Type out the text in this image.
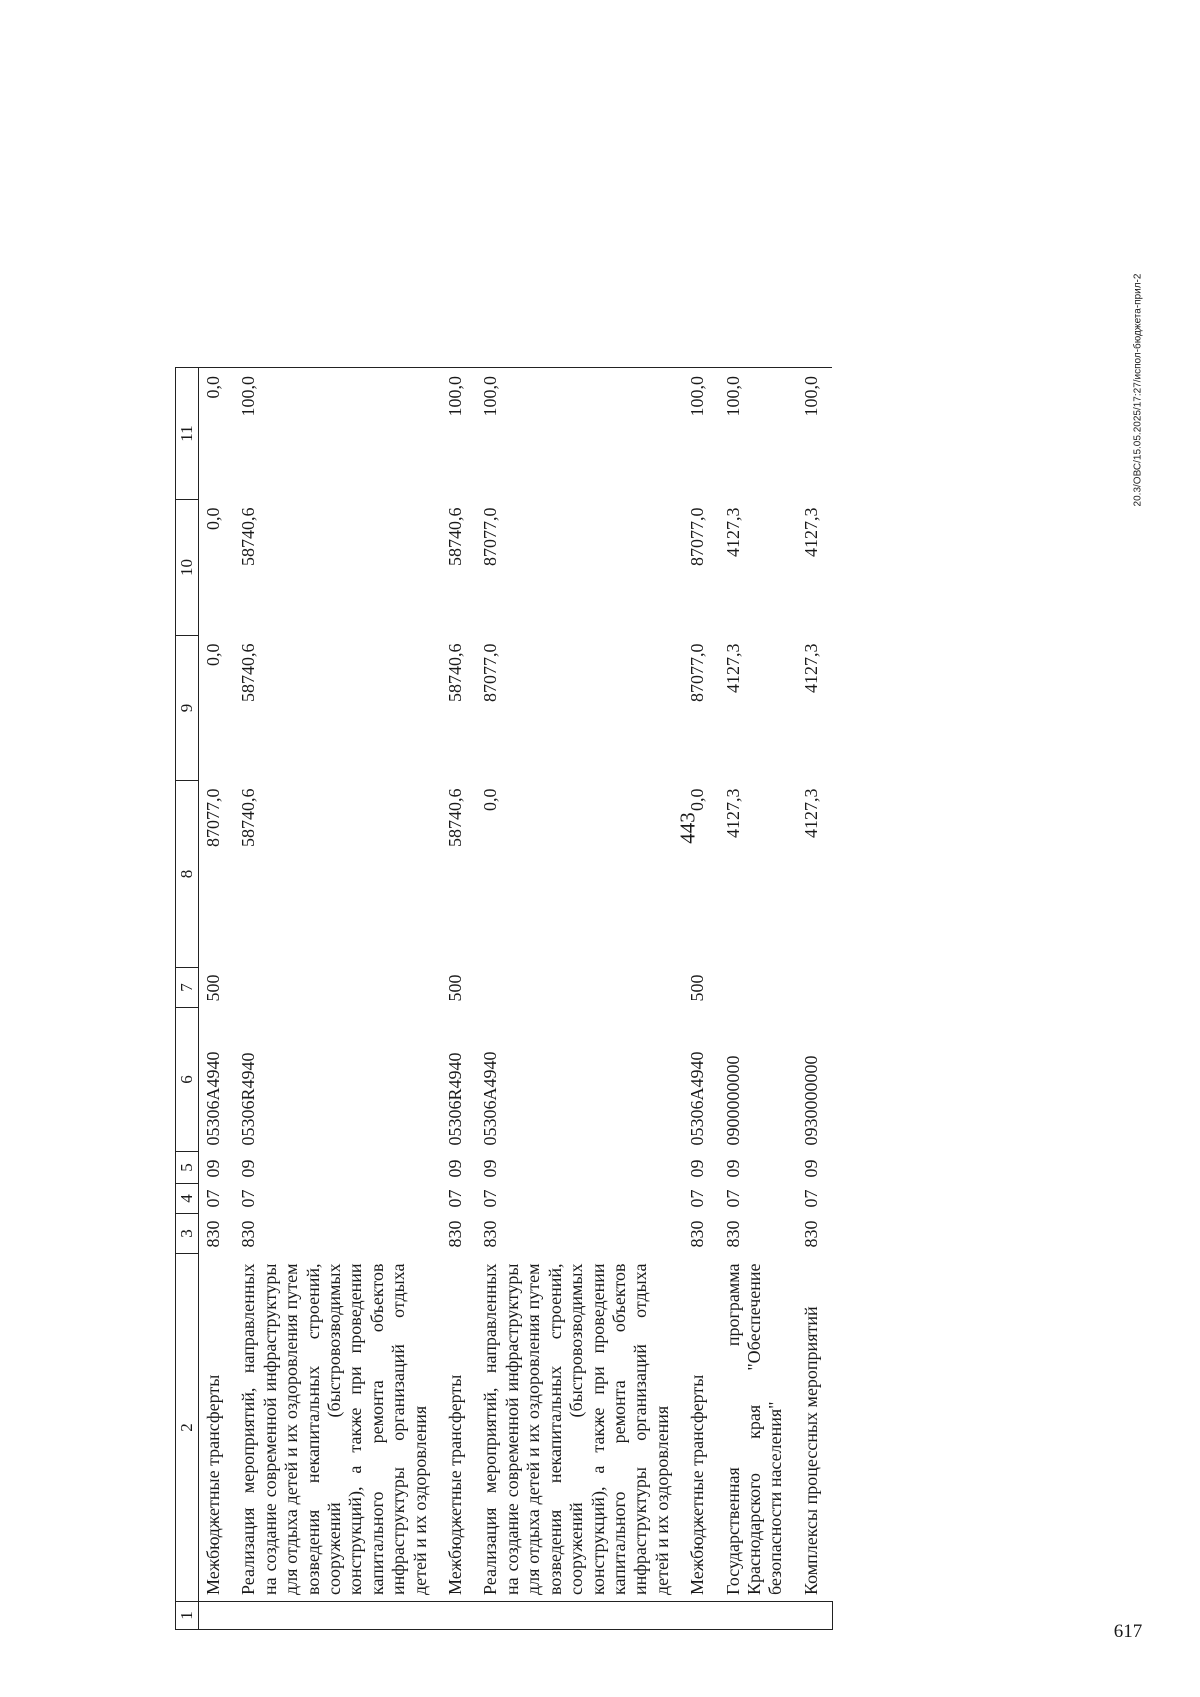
443
20.3/ОВС/15.05.2025/17:27/испол-бюджета-прил-2
617
1	2	3	4	5	6	7	8	9	10	11
	Межбюджетные трансферты	830	07	09	05306А4940	500	87077,0	0,0	0,0	0,0
	Реализация мероприятий, направленных на создание современной инфраструктуры для отдыха детей и их оздоровления путем возведения некапитальных строений, сооружений (быстровозводимых конструкций), а также при проведении капитального ремонта объектов инфраструктуры организаций отдыха детей и их оздоровления	830	07	09	05306R4940		58740,6	58740,6	58740,6	100,0
	Межбюджетные трансферты	830	07	09	05306R4940	500	58740,6	58740,6	58740,6	100,0
	Реализация мероприятий, направленных на создание современной инфраструктуры для отдыха детей и их оздоровления путем возведения некапитальных строений, сооружений (быстровозводимых конструкций), а также при проведении капитального ремонта объектов инфраструктуры организаций отдыха детей и их оздоровления	830	07	09	05306А4940		0,0	87077,0	87077,0	100,0
	Межбюджетные трансферты	830	07	09	05306А4940	500	0,0	87077,0	87077,0	100,0
	Государственная программа Краснодарского края "Обеспечение безопасности населения"	830	07	09	0900000000		4127,3	4127,3	4127,3	100,0
	Комплексы процессных мероприятий	830	07	09	0930000000		4127,3	4127,3	4127,3	100,0
